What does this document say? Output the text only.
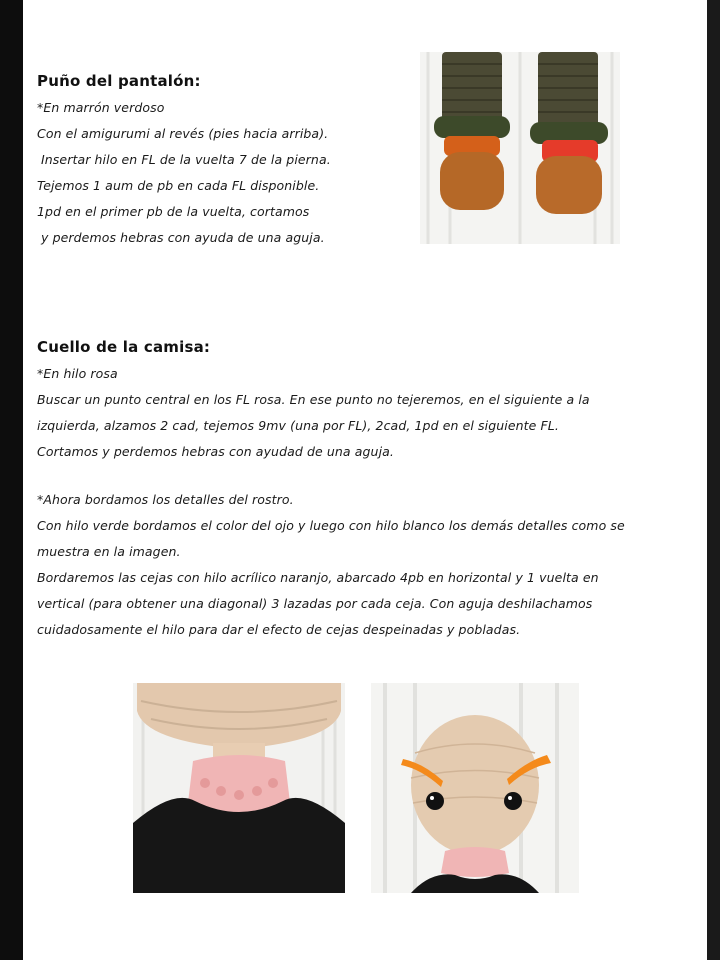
Puño del pantalón:
*En marrón verdoso
Con el amigurumi al revés (pies hacia arriba).
Insertar hilo en FL de la vuelta 7 de la pierna.
Tejemos 1 aum de pb en cada FL disponible.
1pd en el primer pb de la vuelta, cortamos
y perdemos hebras con ayuda de una aguja.
Cuello de la camisa:
*En hilo rosa
Buscar un punto central en los FL rosa. En ese punto no tejeremos, en el siguiente a la
izquierda, alzamos 2 cad, tejemos 9mv (una por FL), 2cad, 1pd en el siguiente FL.
Cortamos y perdemos hebras con ayudad de una aguja.
*Ahora bordamos los detalles del rostro.
Con hilo verde bordamos el color del ojo y luego con hilo blanco los demás detalles como se
muestra en la imagen.
Bordaremos las cejas con hilo acrílico naranjo, abarcado 4pb en horizontal y 1 vuelta en
vertical (para obtener una diagonal) 3 lazadas por cada ceja. Con aguja deshilachamos
cuidadosamente el hilo para dar el efecto de cejas despeinadas y pobladas.
